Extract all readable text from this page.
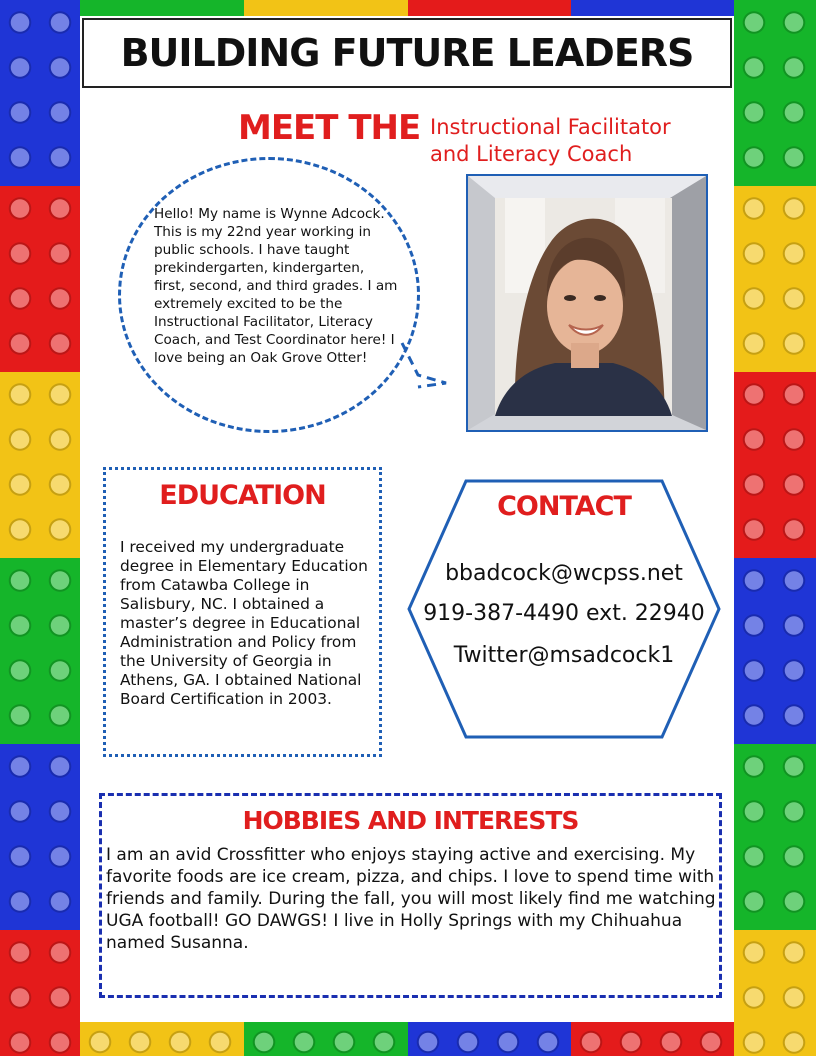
BUILDING FUTURE LEADERS
MEET THE Instructional Facilitator
and Literacy Coach
Hello! My name is Wynne Adcock. This is my 22nd year working in public schools. I have taught prekindergarten, kindergarten, first, second, and third grades. I am extremely excited to be the Instructional Facilitator, Literacy Coach, and Test Coordinator here! I love being an Oak Grove Otter!
EDUCATION
I received my undergraduate degree in Elementary Education from Catawba College in Salisbury, NC. I obtained a master’s degree in Educational Administration and Policy from the University of Georgia in Athens, GA. I obtained National Board Certification in 2003.
CONTACT
bbadcock@wcpss.net
919-387-4490 ext. 22940
Twitter@msadcock1
HOBBIES AND INTERESTS
I am an avid Crossfitter who enjoys staying active and exercising. My favorite foods are ice cream, pizza, and chips. I love to spend time with friends and family. During the fall, you will most likely find me watching UGA football! GO DAWGS! I live in Holly Springs with my Chihuahua named Susanna.
